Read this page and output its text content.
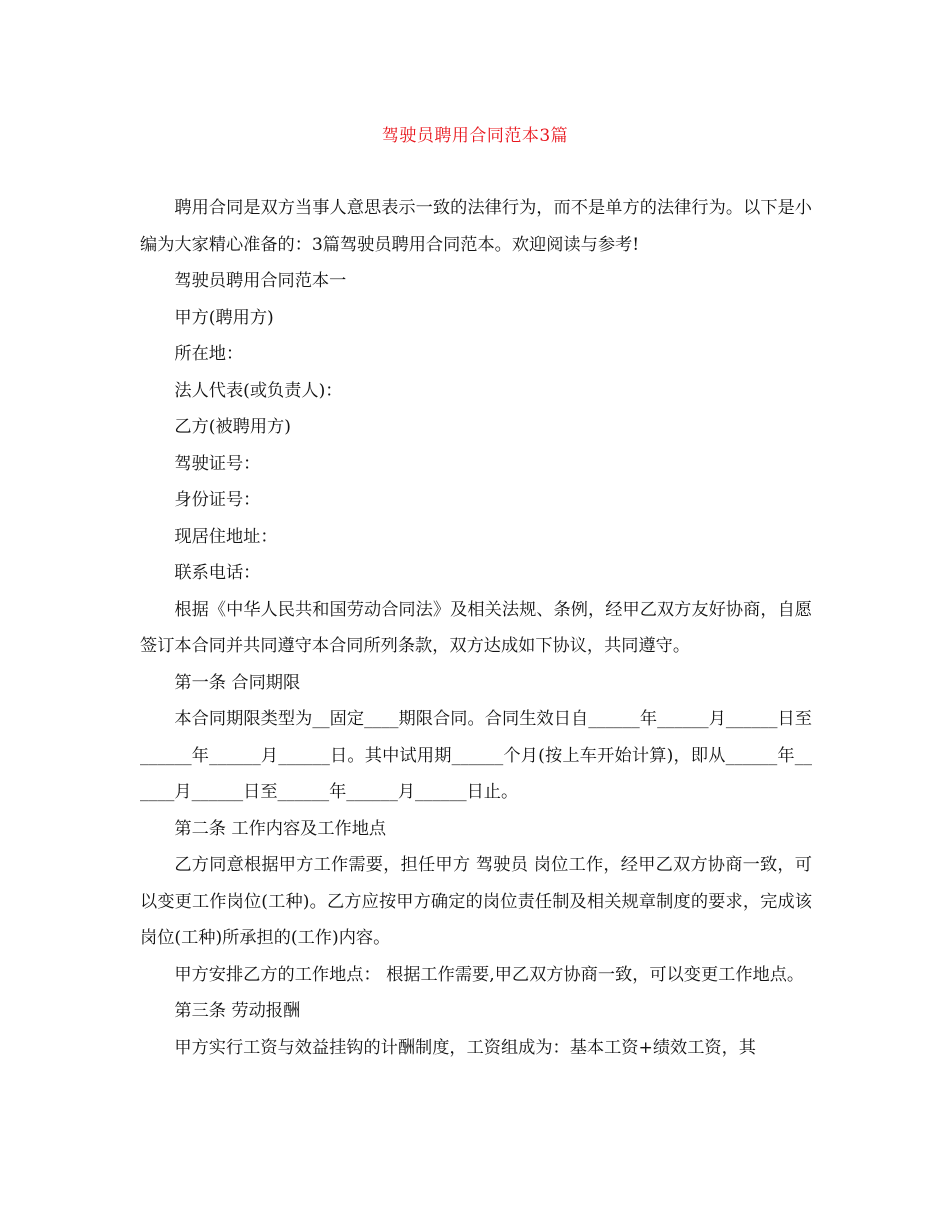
驾驶员聘用合同范本3篇

聘用合同是双方当事人意思表示一致的法律行为，而不是单方的法律行为。以下是小编为大家精心准备的：3篇驾驶员聘用合同范本。欢迎阅读与参考!

驾驶员聘用合同范本一

甲方(聘用方)

所在地：

法人代表(或负责人)：

乙方(被聘用方)

驾驶证号：

身份证号：

现居住地址：

联系电话：

根据《中华人民共和国劳动合同法》及相关法规、条例，经甲乙双方友好协商，自愿签订本合同并共同遵守本合同所列条款，双方达成如下协议，共同遵守。

第一条 合同期限

本合同期限类型为__固定____期限合同。合同生效日自______年______月______日至______年______月______日。其中试用期______个月(按上车开始计算)，即从______年______月______日至______年______月______日止。

第二条 工作内容及工作地点

乙方同意根据甲方工作需要，担任甲方 驾驶员 岗位工作，经甲乙双方协商一致，可以变更工作岗位(工种)。乙方应按甲方确定的岗位责任制及相关规章制度的要求，完成该岗位(工种)所承担的(工作)内容。

甲方安排乙方的工作地点： 根据工作需要,甲乙双方协商一致，可以变更工作地点。

第三条 劳动报酬

甲方实行工资与效益挂钩的计酬制度，工资组成为：基本工资+绩效工资，其
